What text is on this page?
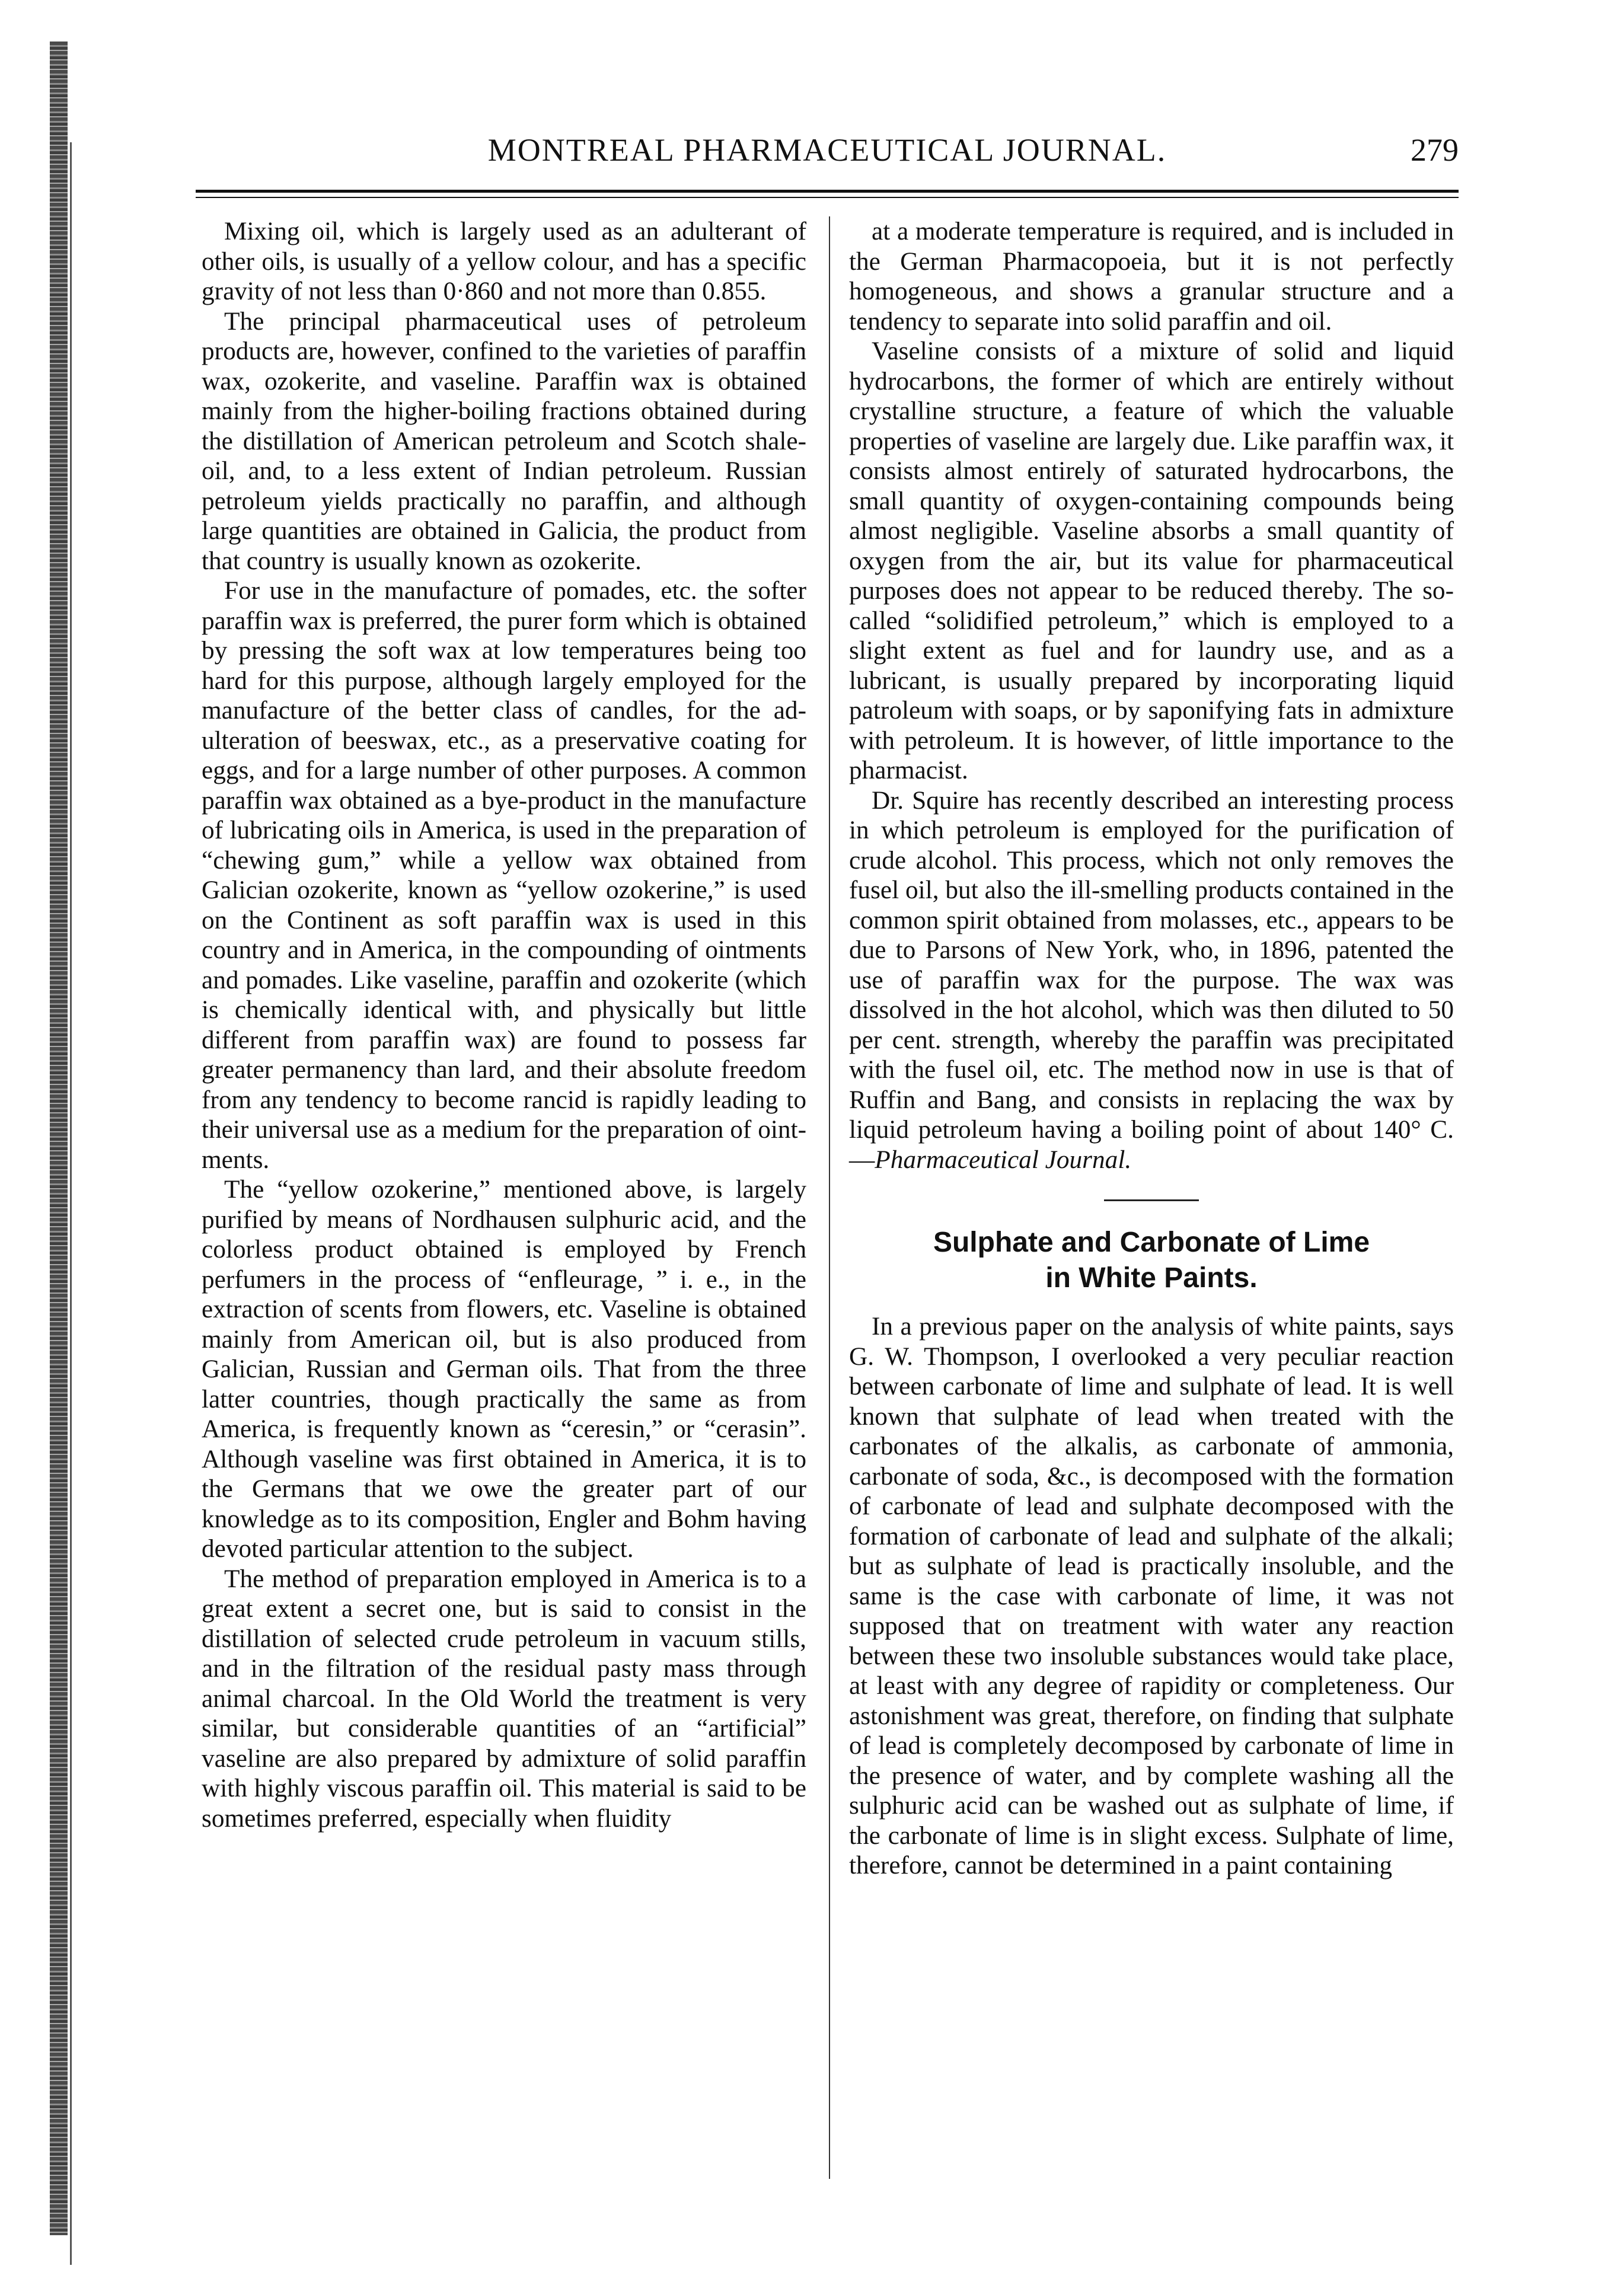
MONTREAL PHARMACEUTICAL JOURNAL.	279

Mixing oil, which is largely used as an adulterant of other oils, is usually of a yellow colour, and has a specific gravity of not less than 0·860 and not more than 0.855.

The principal pharmaceutical uses of petroleum products are, however, confined to the varieties of paraffin wax, ozokerite, and vaseline. Paraffin wax is obtained mainly from the higher-boiling fractions obtained during the distillation of American petroleum and Scotch shale-oil, and, to a less extent of Indian petroleum. Russian petroleum yields practically no paraffin, and although large quantities are obtained in Galicia, the product from that country is usually known as ozokerite.

For use in the manufacture of pomades, etc. the softer paraffin wax is preferred, the purer form which is obtained by pressing the soft wax at low temperatures being too hard for this purpose, although largely employed for the manufacture of the better class of candles, for the adulteration of beeswax, etc., as a preservative coating for eggs, and for a large number of other purposes. A common paraffin wax obtained as a bye-product in the manufacture of lubricating oils in America, is used in the preparation of “chewing gum,” while a yellow wax obtained from Galician ozokerite, known as “yellow ozokerine,” is used on the Continent as soft paraffin wax is used in this country and in America, in the compounding of ointments and pomades. Like vaseline, paraffin and ozokerite (which is chemically identical with, and physically but little different from paraffin wax) are found to possess far greater permanency than lard, and their absolute freedom from any tendency to become rancid is rapidly leading to their universal use as a medium for the preparation of ointments.

The “yellow ozokerine,” mentioned above, is largely purified by means of Nordhausen sulphuric acid, and the colorless product obtained is employed by French perfumers in the process of “enfleurage, ” i. e., in the extraction of scents from flowers, etc. Vaseline is obtained mainly from American oil, but is also produced from Galician, Russian and German oils. That from the three latter countries, though practically the same as from America, is frequently known as “ceresin,” or “cerasin”. Although vaseline was first obtained in America, it is to the Germans that we owe the greater part of our knowledge as to its composition, Engler and Bohm having devoted particular attention to the subject.

The method of preparation employed in America is to a great extent a secret one, but is said to consist in the distillation of selected crude petroleum in vacuum stills, and in the filtration of the residual pasty mass through animal charcoal. In the Old World the treatment is very similar, but considerable quantities of an “artificial” vaseline are also prepared by admixture of solid paraffin with highly viscous paraffin oil. This material is said to be sometimes preferred, especially when fluidity

at a moderate temperature is required, and is included in the German Pharmacopoeia, but it is not perfectly homogeneous, and shows a granular structure and a tendency to separate into solid paraffin and oil.

Vaseline consists of a mixture of solid and liquid hydrocarbons, the former of which are entirely without crystalline structure, a feature of which the valuable properties of vaseline are largely due. Like paraffin wax, it consists almost entirely of saturated hydrocarbons, the small quantity of oxygen-containing compounds being almost negligible. Vaseline absorbs a small quantity of oxygen from the air, but its value for pharmaceutical purposes does not appear to be reduced thereby. The so-called “solidified petroleum,” which is employed to a slight extent as fuel and for laundry use, and as a lubricant, is usually prepared by incorporating liquid patroleum with soaps, or by saponifying fats in admixture with petroleum. It is however, of little importance to the pharmacist.

Dr. Squire has recently described an interesting process in which petroleum is employed for the purification of crude alcohol. This process, which not only removes the fusel oil, but also the ill-smelling products contained in the common spirit obtained from molasses, etc., appears to be due to Parsons of New York, who, in 1896, patented the use of paraffin wax for the purpose. The wax was dissolved in the hot alcohol, which was then diluted to 50 per cent. strength, whereby the paraffin was precipitated with the fusel oil, etc. The method now in use is that of Ruffin and Bang, and consists in replacing the wax by liquid petroleum having a boiling point of about 140° C. —Pharmaceutical Journal.

Sulphate and Carbonate of Lime
in White Paints.

In a previous paper on the analysis of white paints, says G. W. Thompson, I overlooked a very peculiar reaction between carbonate of lime and sulphate of lead. It is well known that sulphate of lead when treated with the carbonates of the alkalis, as carbonate of ammonia, carbonate of soda, &c., is decomposed with the formation of carbonate of lead and sulphate decomposed with the formation of carbonate of lead and sulphate of the alkali; but as sulphate of lead is practically insoluble, and the same is the case with carbonate of lime, it was not supposed that on treatment with water any reaction between these two insoluble substances would take place, at least with any degree of rapidity or completeness. Our astonishment was great, therefore, on finding that sulphate of lead is completely decomposed by carbonate of lime in the presence of water, and by complete washing all the sulphuric acid can be washed out as sulphate of lime, if the carbonate of lime is in slight excess. Sulphate of lime, therefore, cannot be determined in a paint containing
